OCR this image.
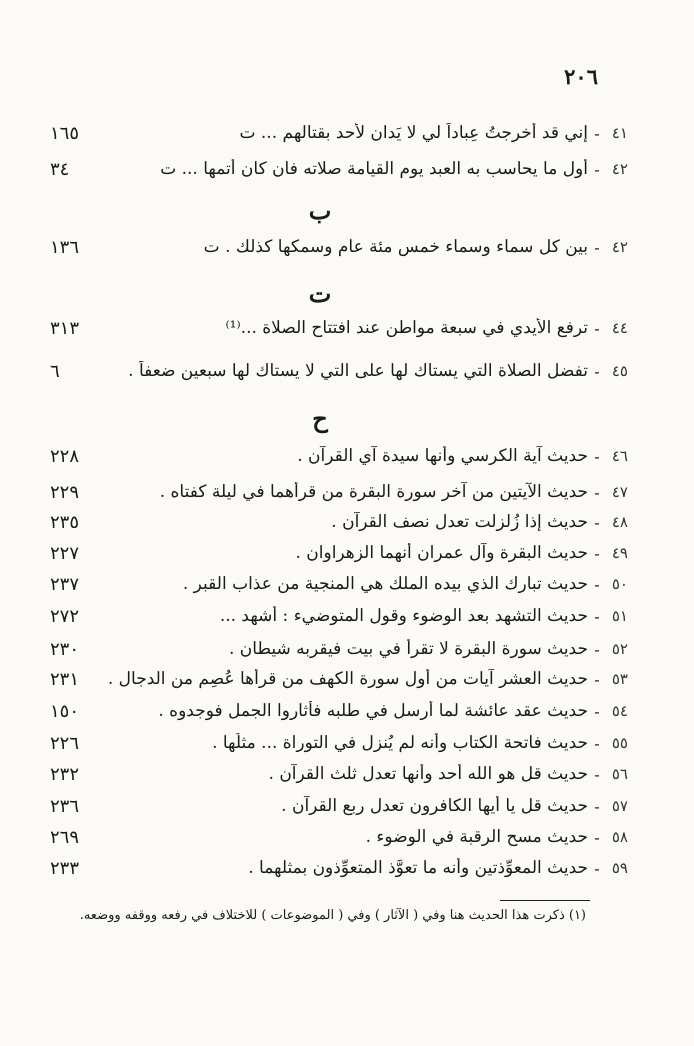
٢٠٦
٤١
-
إني قد أخرجتُ عِباداً لي لا يَدان لأحد بقتالهم ... ت
١٦٥
٤٢
-
أول ما يحاسب به العبد يوم القيامة صلاته فان كان أتمها ... ت
٣٤
ب
٤٢
-
بين كل سماء وسماء خمس مئة عام وسمكها كذلك . ت
١٣٦
ت
٤٤
-
ترفع الأيدي في سبعة مواطن عند افتتاح الصلاة ...⁽¹⁾
٣١٣
٤٥
-
تفضل الصلاة التي يستاك لها على التي لا يستاك لها سبعين ضعفاً .
٦
ح
٤٦
-
حديث آية الكرسي وأنها سيدة آي القرآن .
٢٢٨
٤٧
-
حديث الآيتين من آخر سورة البقرة من قرأهما في ليلة كفتاه .
٢٢٩
٤٨
-
حديث إذا زُلزلت تعدل نصف القرآن .
٢٣٥
٤٩
-
حديث البقرة وآل عمران أنهما الزهراوان .
٢٢٧
٥٠
-
حديث تبارك الذي بيده الملك هي المنجية من عذاب القبر .
٢٣٧
٥١
-
حديث التشهد بعد الوضوء وقول المتوضيء : أشهد ...
٢٧٢
٥٢
-
حديث سورة البقرة لا تقرأ في بيت فيقربه شيطان .
٢٣٠
٥٣
-
حديث العشر آيات من أول سورة الكهف من قرأها عُصِم من الدجال .
٢٣١
٥٤
-
حديث عقد عائشة لما أرسل في طلبه فأثاروا الجمل فوجدوه .
١٥٠
٥٥
-
حديث فاتحة الكتاب وأنه لم يُنزل في التوراة ... مثلُها .
٢٢٦
٥٦
-
حديث قل هو الله أحد وأنها تعدل ثلث القرآن .
٢٣٢
٥٧
-
حديث قل يا أيها الكافرون تعدل ربع القرآن .
٢٣٦
٥٨
-
حديث مسح الرقبة في الوضوء .
٢٦٩
٥٩
-
حديث المعوِّذتين وأنه ما تعوَّذ المتعوِّذون بمثلهما .
٢٣٣
(١) ذكرت هذا الحديث هنا وفي ( الآثار ) وفي ( الموضوعات ) للاختلاف في رفعه ووقفه ووضعه.
